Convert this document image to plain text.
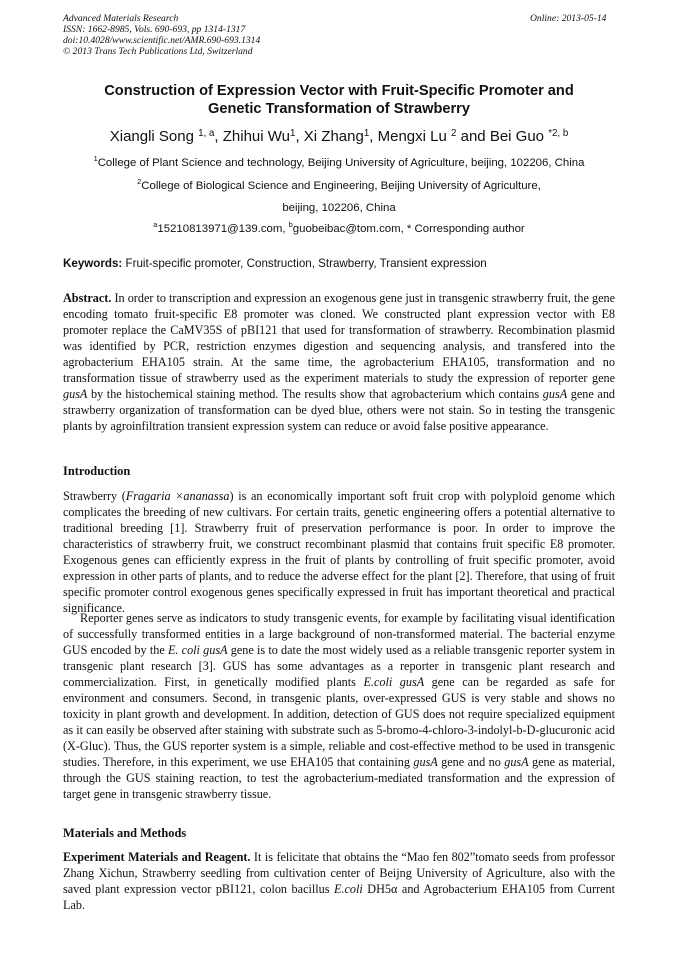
Advanced Materials Research
ISSN: 1662-8985, Vols. 690-693, pp 1314-1317
doi:10.4028/www.scientific.net/AMR.690-693.1314
© 2013 Trans Tech Publications Ltd, Switzerland
Online: 2013-05-14
Construction of Expression Vector with Fruit-Specific Promoter and
Genetic Transformation of Strawberry
Xiangli Song $^{1, a}$, Zhihui Wu$^1$, Xi Zhang$^1$, Mengxi Lu $^2$ and Bei Guo $^{*2, b}$
$^1$College of Plant Science and technology, Beijing University of Agriculture, beijing, 102206, China
$^2$College of Biological Science and Engineering, Beijing University of Agriculture,
beijing, 102206, China
$^a$15210813971@139.com, $^b$guobeibac@tom.com, * Corresponding author
Keywords: Fruit-specific promoter, Construction, Strawberry, Transient expression
Abstract. In order to transcription and expression an exogenous gene just in transgenic strawberry fruit, the gene encoding tomato fruit-specific E8 promoter was cloned. We constructed plant expression vector with E8 promoter replace the CaMV35S of pBI121 that used for transformation of strawberry. Recombination plasmid was identified by PCR, restriction enzymes digestion and sequencing analysis, and transfered into the agrobacterium EHA105 strain. At the same time, the agrobacterium EHA105, transformation and no transformation tissue of strawberry used as the experiment materials to study the expression of reporter gene gusA by the histochemical staining method. The results show that agrobacterium which contains gusA gene and strawberry organization of transformation can be dyed blue, others were not stain. So in testing the transgenic plants by agroinfiltration transient expression system can reduce or avoid false positive appearance.
Introduction
Strawberry (Fragaria ×ananassa) is an economically important soft fruit crop with polyploid genome which complicates the breeding of new cultivars. For certain traits, genetic engineering offers a potential alternative to traditional breeding [1]. Strawberry fruit of preservation performance is poor. In order to improve the characteristics of strawberry fruit, we construct recombinant plasmid that contains fruit specific E8 promoter. Exogenous genes can efficiently express in the fruit of plants by controlling of fruit specific promoter, avoid expression in other parts of plants, and to reduce the adverse effect for the plant [2]. Therefore, that using of fruit specific promoter control exogenous genes specifically expressed in fruit has important theoretical and practical significance.
Reporter genes serve as indicators to study transgenic events, for example by facilitating visual identification of successfully transformed entities in a large background of non-transformed material. The bacterial enzyme GUS encoded by the E. coli gusA gene is to date the most widely used as a reliable transgenic reporter system in transgenic plant research [3]. GUS has some advantages as a reporter in transgenic plant research and commercialization. First, in genetically modified plants E.coli gusA gene can be regarded as safe for environment and consumers. Second, in transgenic plants, over-expressed GUS is very stable and shows no toxicity in plant growth and development. In addition, detection of GUS does not require specialized equipment as it can easily be observed after staining with substrate such as 5-bromo-4-chloro-3-indolyl-b-D-glucuronic acid (X-Gluc). Thus, the GUS reporter system is a simple, reliable and cost-effective method to be used in transgenic studies. Therefore, in this experiment, we use EHA105 that containing gusA gene and no gusA gene as material, through the GUS staining reaction, to test the agrobacterium-mediated transformation and the expression of target gene in transgenic strawberry tissue.
Materials and Methods
Experiment Materials and Reagent. It is felicitate that obtains the “Mao fen 802”tomato seeds from professor Zhang Xichun, Strawberry seedling from cultivation center of Beijng University of Agriculture, also with the saved plant expression vector pBI121, colon bacillus E.coli DH5α and Agrobacterium EHA105 from Current Lab.
